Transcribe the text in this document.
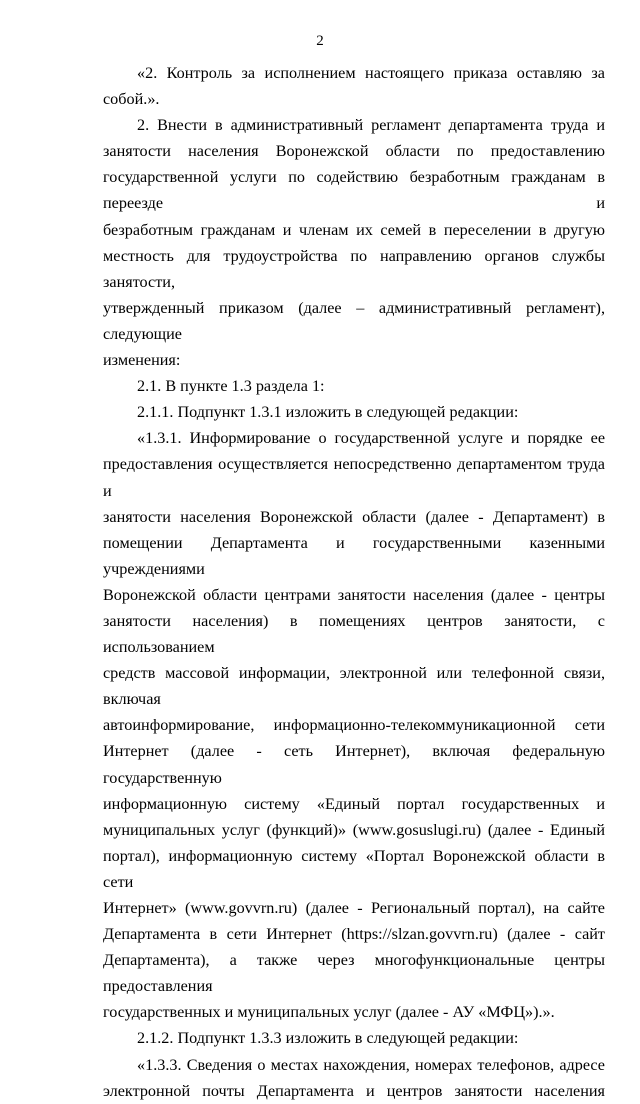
2

«2. Контроль за исполнением настоящего приказа оставляю за собой.».

2. Внести в административный регламент департамента труда и

занятости населения Воронежской области по предоставлению

государственной услуги по содействию безработным гражданам в переезде и

безработным гражданам и членам их семей в переселении в другую

местность для трудоустройства по направлению органов службы занятости,

утвержденный приказом (далее – административный регламент), следующие

изменения:

2.1. В пункте 1.3 раздела 1:

2.1.1. Подпункт 1.3.1 изложить в следующей редакции:

«1.3.1. Информирование о государственной услуге и порядке ее

предоставления осуществляется непосредственно департаментом труда и

занятости населения Воронежской области (далее - Департамент) в

помещении Департамента и государственными казенными учреждениями

Воронежской области центрами занятости населения (далее - центры

занятости населения) в помещениях центров занятости, с использованием

средств массовой информации, электронной или телефонной связи, включая

автоинформирование, информационно-телекоммуникационной сети

Интернет (далее - сеть Интернет), включая федеральную государственную

информационную систему «Единый портал государственных и

муниципальных услуг (функций)» (www.gosuslugi.ru) (далее - Единый

портал), информационную систему «Портал Воронежской области в сети

Интернет» (www.govvrn.ru) (далее - Региональный портал), на сайте

Департамента в сети Интернет (https://slzan.govvrn.ru) (далее - сайт

Департамента), а также через многофункциональные центры предоставления

государственных и муниципальных услуг (далее - АУ «МФЦ»).».

2.1.2. Подпункт 1.3.3 изложить в следующей редакции:

«1.3.3. Сведения о местах нахождения, номерах телефонов, адресе

электронной почты Департамента и центров занятости населения
